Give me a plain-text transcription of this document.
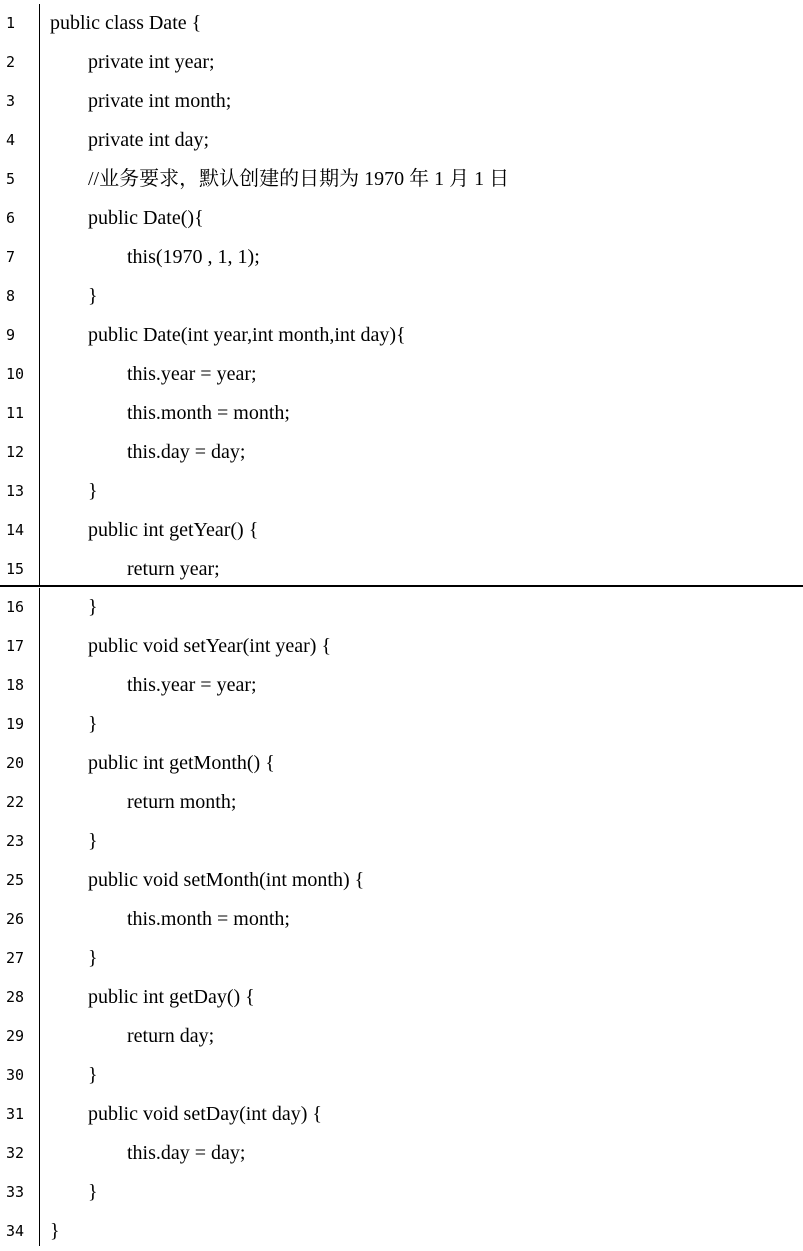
1 public class Date {
2	private int year;
3	private int month;
4	private int day;
5	//业务要求，默认创建的日期为 1970 年 1 月 1 日
6	public Date(){
7	this(1970 , 1, 1);
8	}
9	public Date(int year,int month,int day){
10	this.year = year;
11	this.month = month;
12	this.day = day;
13	}
14	public int getYear() {
15	return year;
16	}
17	public void setYear(int year) {
18	this.year = year;
19	}
20	public int getMonth() {
22	return month;
23	}
25	public void setMonth(int month) {
26	this.month = month;
27	}
28	public int getDay() {
29	return day;
30	}
31	public void setDay(int day) {
32	this.day = day;
33	}
34 }
